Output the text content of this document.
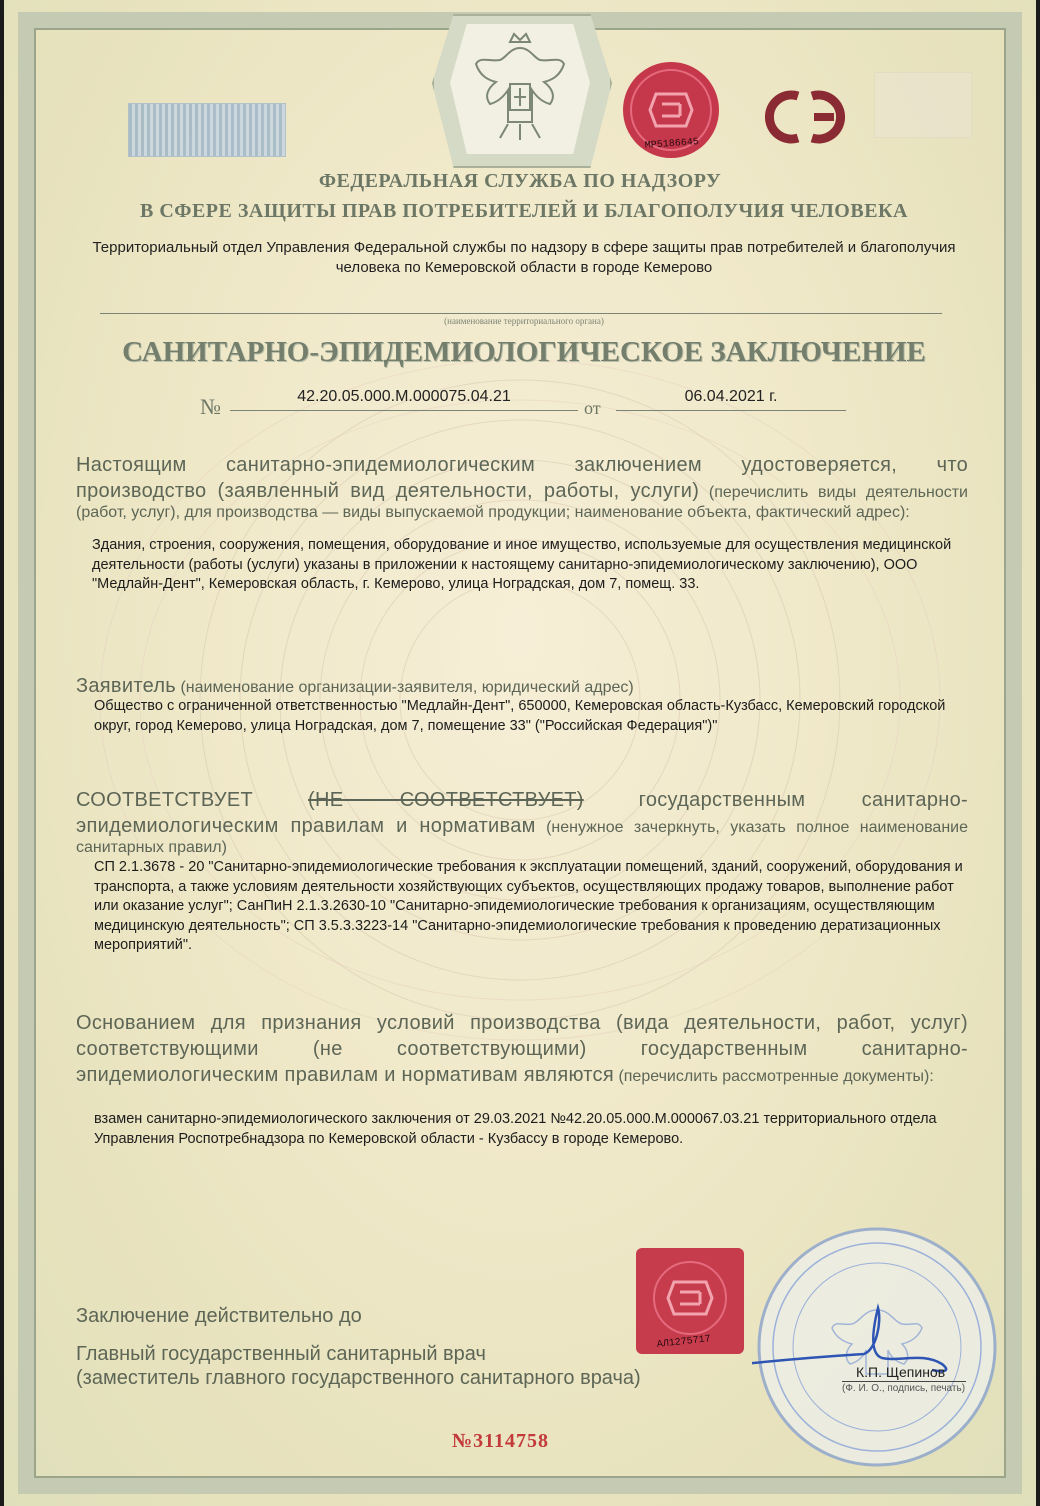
MP5186645
ФЕДЕРАЛЬНАЯ СЛУЖБА ПО НАДЗОРУ
В СФЕРЕ ЗАЩИТЫ ПРАВ ПОТРЕБИТЕЛЕЙ И БЛАГОПОЛУЧИЯ ЧЕЛОВЕКА
Территориальный отдел Управления Федеральной службы по надзору в сфере защиты прав потребителей и благополучия человека по Кемеровской области в городе Кемерово
(наименование территориального органа)
САНИТАРНО-ЭПИДЕМИОЛОГИЧЕСКОЕ ЗАКЛЮЧЕНИЕ
№	42.20.05.000.М.000075.04.21
от
06.04.2021 г.
Настоящим санитарно-эпидемиологическим заключением удостоверяется, что производство (заявленный вид деятельности, работы, услуги) (перечислить виды деятельности (работ, услуг), для производства — виды выпускаемой продукции; наименование объекта, фактический адрес):
Здания, строения, сооружения, помещения, оборудование и иное имущество, используемые для осуществления медицинской деятельности (работы (услуги) указаны в приложении к настоящему санитарно-эпидемиологическому заключению), ООО "Медлайн-Дент", Кемеровская область, г. Кемерово, улица Ноградская, дом 7, помещ. 33.
Заявитель (наименование организации-заявителя, юридический адрес)
Общество с ограниченной ответственностью "Медлайн-Дент", 650000, Кемеровская область-Кузбасс, Кемеровский городской округ, город Кемерово, улица Ноградская, дом 7, помещение 33" ("Российская Федерация")"
СООТВЕТСТВУЕТ	(НЕ СООТВЕТСТВУЕТ)	государственным санитарно-эпидемиологическим правилам и нормативам (ненужное зачеркнуть, указать полное наименование санитарных правил)
СП 2.1.3678 - 20 "Санитарно-эпидемиологические требования к эксплуатации помещений, зданий, сооружений, оборудования и транспорта, а также условиям деятельности хозяйствующих субъектов, осуществляющих продажу товаров, выполнение работ или оказание услуг"; СанПиН 2.1.3.2630-10 "Санитарно-эпидемиологические требования к организациям, осуществляющим медицинскую деятельность"; СП 3.5.3.3223-14 "Санитарно-эпидемиологические требования к проведению дератизационных мероприятий".
Основанием для признания условий производства (вида деятельности, работ, услуг) соответствующими (не соответствующими) государственным санитарно-эпидемиологическим правилам и нормативам являются (перечислить рассмотренные документы):
взамен санитарно-эпидемиологического заключения от 29.03.2021 №42.20.05.000.М.000067.03.21 территориального отдела Управления Роспотребнадзора по Кемеровской области - Кузбассу в городе Кемерово.
Заключение действительно до
Главный государственный санитарный врач
(заместитель главного государственного санитарного врача)
АЛ1275717
К.П. Щепинов
(Ф. И. О., подпись, печать)
№3114758
